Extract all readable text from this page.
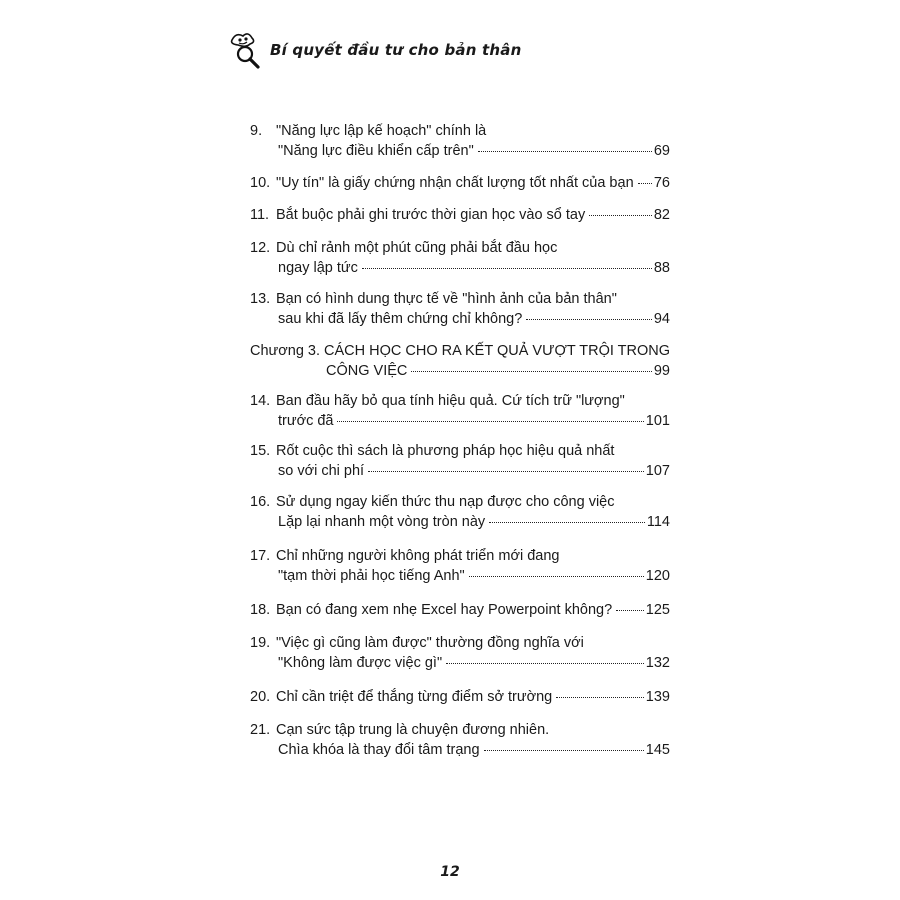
Bí quyết đầu tư cho bản thân
9. "Năng lực lập kế hoạch" chính là
"Năng lực điều khiển cấp trên"	69
10. "Uy tín" là giấy chứng nhận chất lượng tốt nhất của bạn 76
11. Bắt buộc phải ghi trước thời gian học vào sổ tay	82
12. Dù chỉ rảnh một phút cũng phải bắt đầu học
ngay lập tức	88
13. Bạn có hình dung thực tế về "hình ảnh của bản thân"
sau khi đã lấy thêm chứng chỉ không?	94
Chương 3. CÁCH HỌC CHO RA KẾT QUẢ VƯỢT TRỘI TRONG
CÔNG VIỆC	99
14. Ban đầu hãy bỏ qua tính hiệu quả. Cứ tích trữ "lượng"
trước đã	101
15. Rốt cuộc thì sách là phương pháp học hiệu quả nhất
so với chi phí	107
16. Sử dụng ngay kiến thức thu nạp được cho công việc
Lặp lại nhanh một vòng tròn này	114
17. Chỉ những người không phát triển mới đang
"tạm thời phải học tiếng Anh"	120
18. Bạn có đang xem nhẹ Excel hay Powerpoint không? 125
19. "Việc gì cũng làm được" thường đồng nghĩa với
"Không làm được việc gì"	132
20. Chỉ cần triệt để thắng từng điểm sở trường	139
21. Cạn sức tập trung là chuyện đương nhiên.
Chìa khóa là thay đổi tâm trạng	145
12
